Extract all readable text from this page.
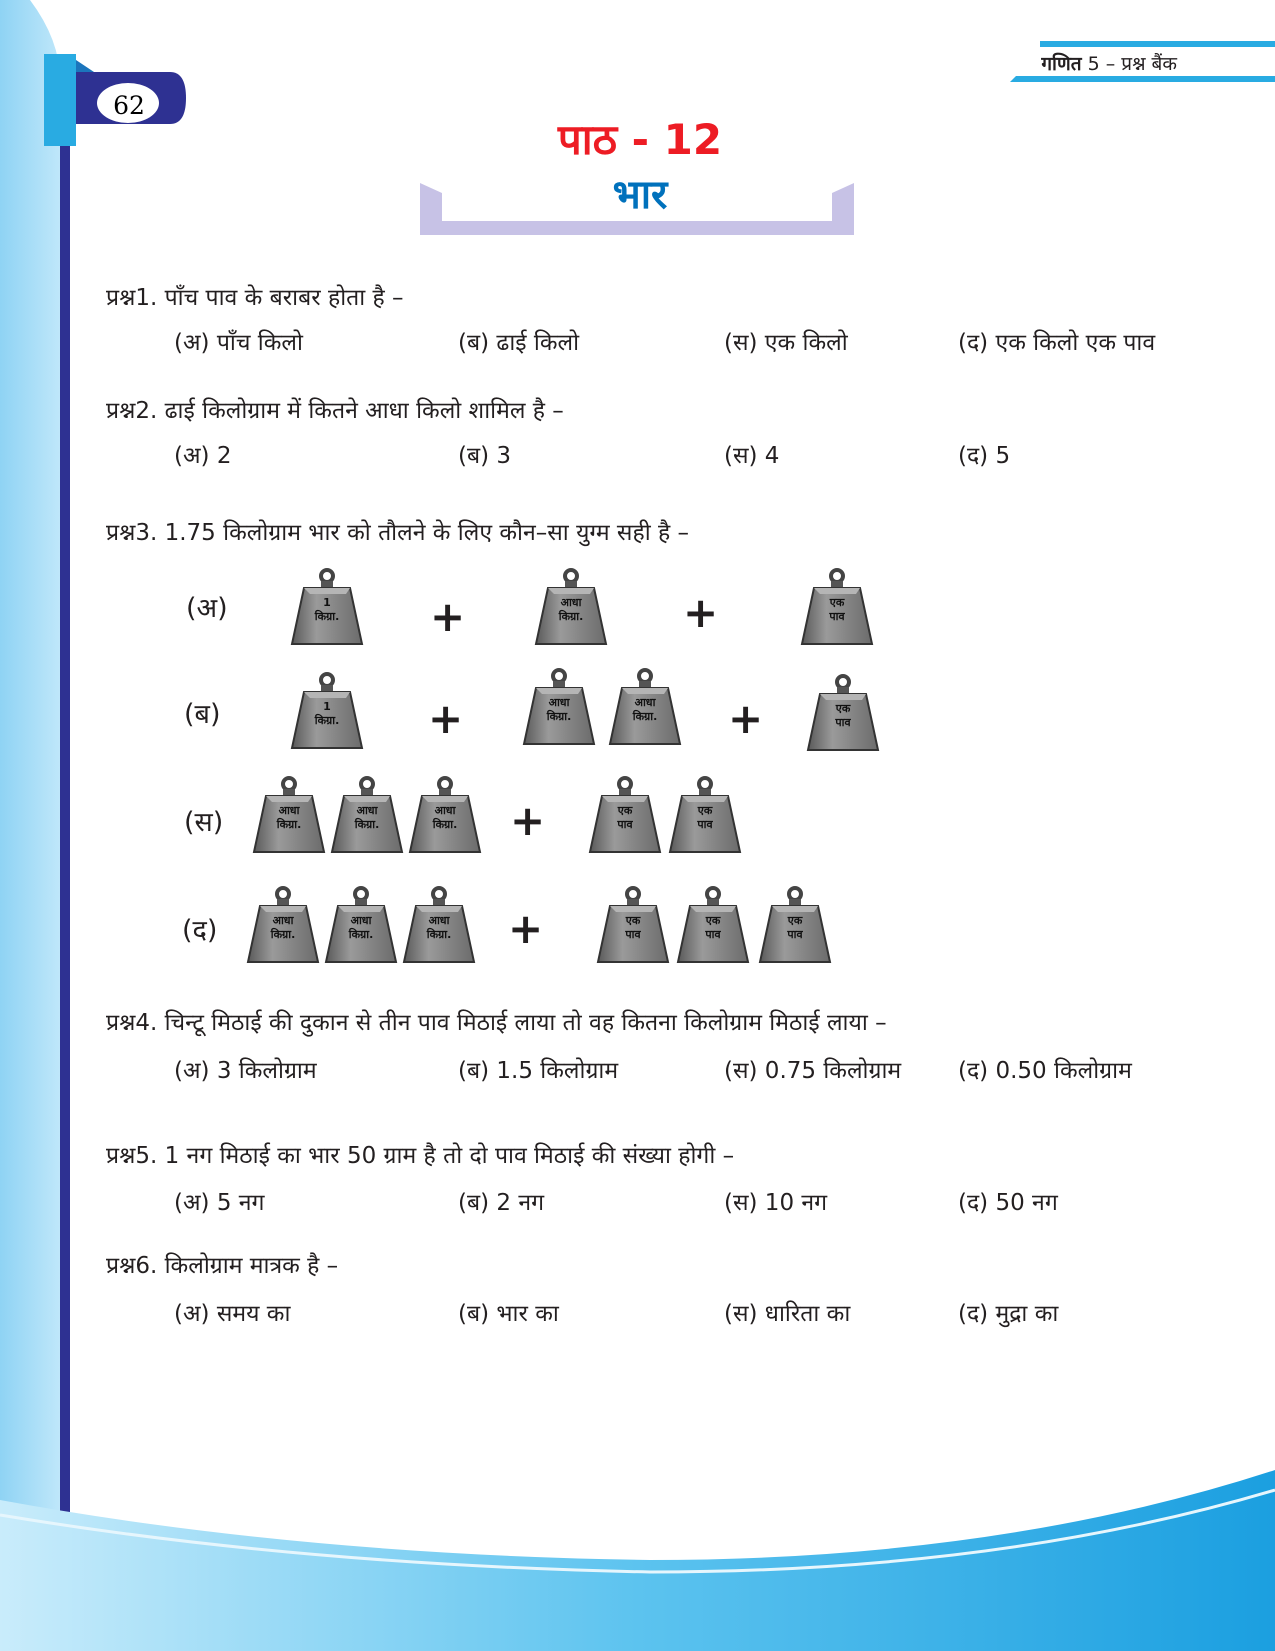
गणित 5 – प्रश्न बैंक
62
पाठ - 12
भार
प्रश्न1. पाँच पाव के बराबर होता है –
(अ) पाँच किलो	(ब) ढाई किलो	(स) एक किलो	(द) एक किलो एक पाव
प्रश्न2. ढाई किलोग्राम में कितने आधा किलो शामिल है –
(अ) 2	(ब) 3	(स) 4	(द) 5
प्रश्न3. 1.75 किलोग्राम भार को तौलने के लिए कौन–सा युग्म सही है –
(अ)
(ब)
(स)
(द)
1
किग्रा.	+	आधा
किग्रा.	+	एक
पाव
1
किग्रा.	+	आधा
किग्रा.
आधा
किग्रा.	+	एक
पाव
आधा
किग्रा.
आधा
किग्रा.
आधा
किग्रा.	+	एक
पाव
एक
पाव
आधा
किग्रा.
आधा
किग्रा.
आधा
किग्रा.	+	एक
पाव
एक
पाव
एक
पाव
प्रश्न4. चिन्टू मिठाई की दुकान से तीन पाव मिठाई लाया तो वह कितना किलोग्राम मिठाई लाया –
(अ) 3 किलोग्राम	(ब) 1.5 किलोग्राम	(स) 0.75 किलोग्राम (द) 0.50 किलोग्राम
प्रश्न5. 1 नग मिठाई का भार 50 ग्राम है तो दो पाव मिठाई की संख्या होगी –
(अ) 5 नग	(ब) 2 नग	(स) 10 नग	(द) 50 नग
प्रश्न6. किलोग्राम मात्रक है –
(अ) समय का	(ब) भार का	(स) धारिता का	(द) मुद्रा का
